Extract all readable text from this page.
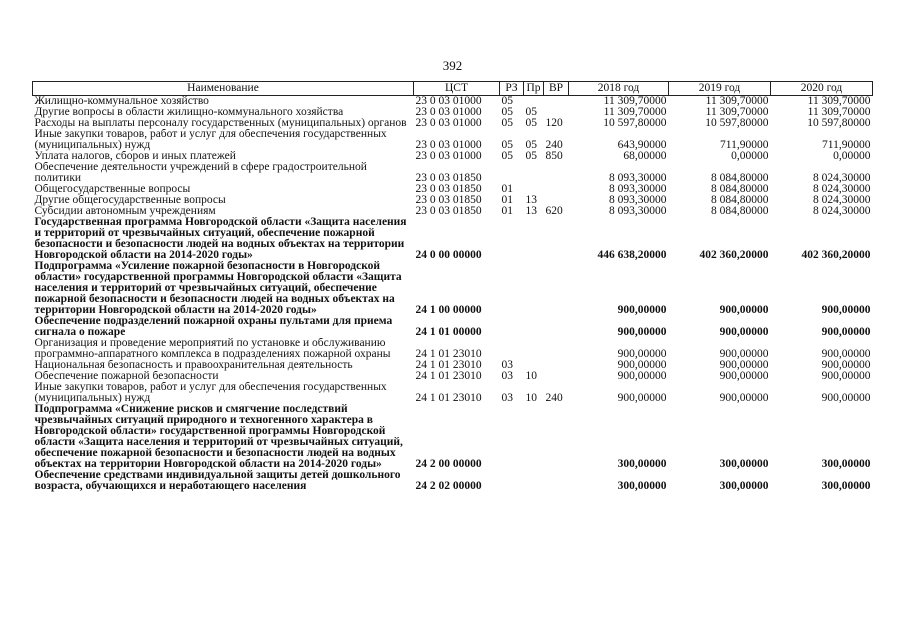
392
Наименование	ЦСТ	РЗ	Пр	ВР	2018 год	2019 год	2020 год
Жилищно-коммунальное хозяйство	23 0 03 01000	05			11 309,70000	11 309,70000	11 309,70000
Другие вопросы в области жилищно-коммунального хозяйства	23 0 03 01000	05	05		11 309,70000	11 309,70000	11 309,70000
Расходы на выплаты персоналу государственных (муниципальных) органов	23 0 03 01000	05	05	120	10 597,80000	10 597,80000	10 597,80000
Иные закупки товаров, работ и услуг для обеспечения государственных (муниципальных) нужд	23 0 03 01000	05	05	240	643,90000	711,90000	711,90000
Уплата налогов, сборов и иных платежей	23 0 03 01000	05	05	850	68,00000	0,00000	0,00000
Обеспечение деятельности учреждений в сфере градостроительной политики	23 0 03 01850				8 093,30000	8 084,80000	8 024,30000
Общегосударственные вопросы	23 0 03 01850	01			8 093,30000	8 084,80000	8 024,30000
Другие общегосударственные вопросы	23 0 03 01850	01	13		8 093,30000	8 084,80000	8 024,30000
Субсидии автономным учреждениям	23 0 03 01850	01	13	620	8 093,30000	8 084,80000	8 024,30000
Государственная программа Новгородской области «Защита населения и территорий от чрезвычайных ситуаций, обеспечение пожарной безопасности и безопасности людей на водных объектах на территории Новгородской области на 2014-2020 годы»	24 0 00 00000				446 638,20000	402 360,20000	402 360,20000
Подпрограмма «Усиление пожарной безопасности в Новгородской области» государственной программы Новгородской области «Защита населения и территорий от чрезвычайных ситуаций, обеспечение пожарной безопасности и безопасности людей на водных объектах на территории Новгородской области на 2014-2020 годы»	24 1 00 00000				900,00000	900,00000	900,00000
Обеспечение подразделений пожарной охраны пультами для приема сигнала о пожаре	24 1 01 00000				900,00000	900,00000	900,00000
Организация и проведение мероприятий по установке и обслуживанию программно-аппаратного комплекса в подразделениях пожарной охраны	24 1 01 23010				900,00000	900,00000	900,00000
Национальная безопасность и правоохранительная деятельность	24 1 01 23010	03			900,00000	900,00000	900,00000
Обеспечение пожарной безопасности	24 1 01 23010	03	10		900,00000	900,00000	900,00000
Иные закупки товаров, работ и услуг для обеспечения государственных (муниципальных) нужд	24 1 01 23010	03	10	240	900,00000	900,00000	900,00000
Подпрограмма «Снижение рисков и смягчение последствий чрезвычайных ситуаций природного и техногенного характера в Новгородской области» государственной программы Новгородской области «Защита населения и территорий от чрезвычайных ситуаций, обеспечение пожарной безопасности и безопасности людей на водных объектах на территории Новгородской области на 2014-2020 годы»	24 2 00 00000				300,00000	300,00000	300,00000
Обеспечение средствами индивидуальной защиты детей дошкольного возраста, обучающихся и неработающего населения	24 2 02 00000				300,00000	300,00000	300,00000
